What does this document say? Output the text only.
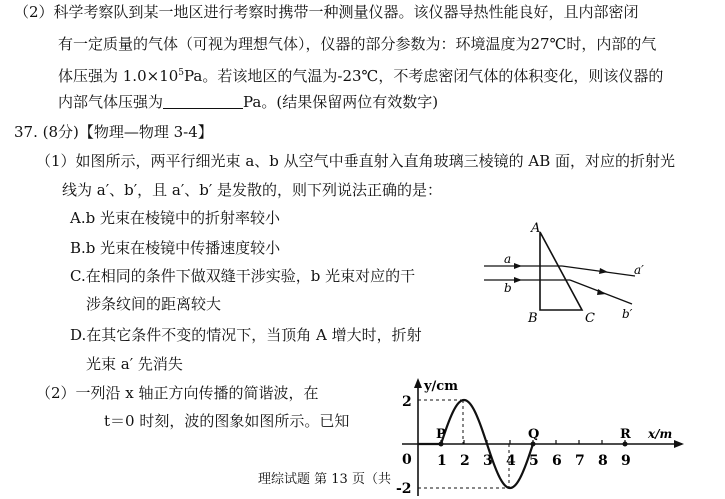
（2）科学考察队到某一地区进行考察时携带一种测量仪器。该仪器导热性能良好，且内部密闭
有一定质量的气体（可视为理想气体），仪器的部分参数为：环境温度为27℃时，内部的气
体压强为 $1.0\times 10^5Pa$。若该地区的气温为-23℃，不考虑密闭气体的体积变化，则该仪器的
内部气体压强为	Pa。(结果保留两位有效数字)
37. (8分)【物理—物理 3-4】
（1）如图所示，两平行细光束 a、b 从空气中垂直射入直角玻璃三棱镜的 AB 面，对应的折射光
线为 a′、b′，且 a′、b′ 是发散的，则下列说法正确的是：
A.b 光束在棱镜中的折射率较小
B.b 光束在棱镜中传播速度较小
C.在相同的条件下做双缝干涉实验，b 光束对应的干
涉条纹间的距离较大
D.在其它条件不变的情况下，当顶角 A 增大时，折射
光束 a′ 先消失
（2）一列沿 x 轴正方向传播的简谐波，在
t＝0 时刻，波的图象如图所示。已知
A
B	C
a
b
a′
b′
y/cm
x/m
0
2
-2
1 2 3 4 5 6 7 8 9
P	Q	R
理综试题 第 13 页（共
